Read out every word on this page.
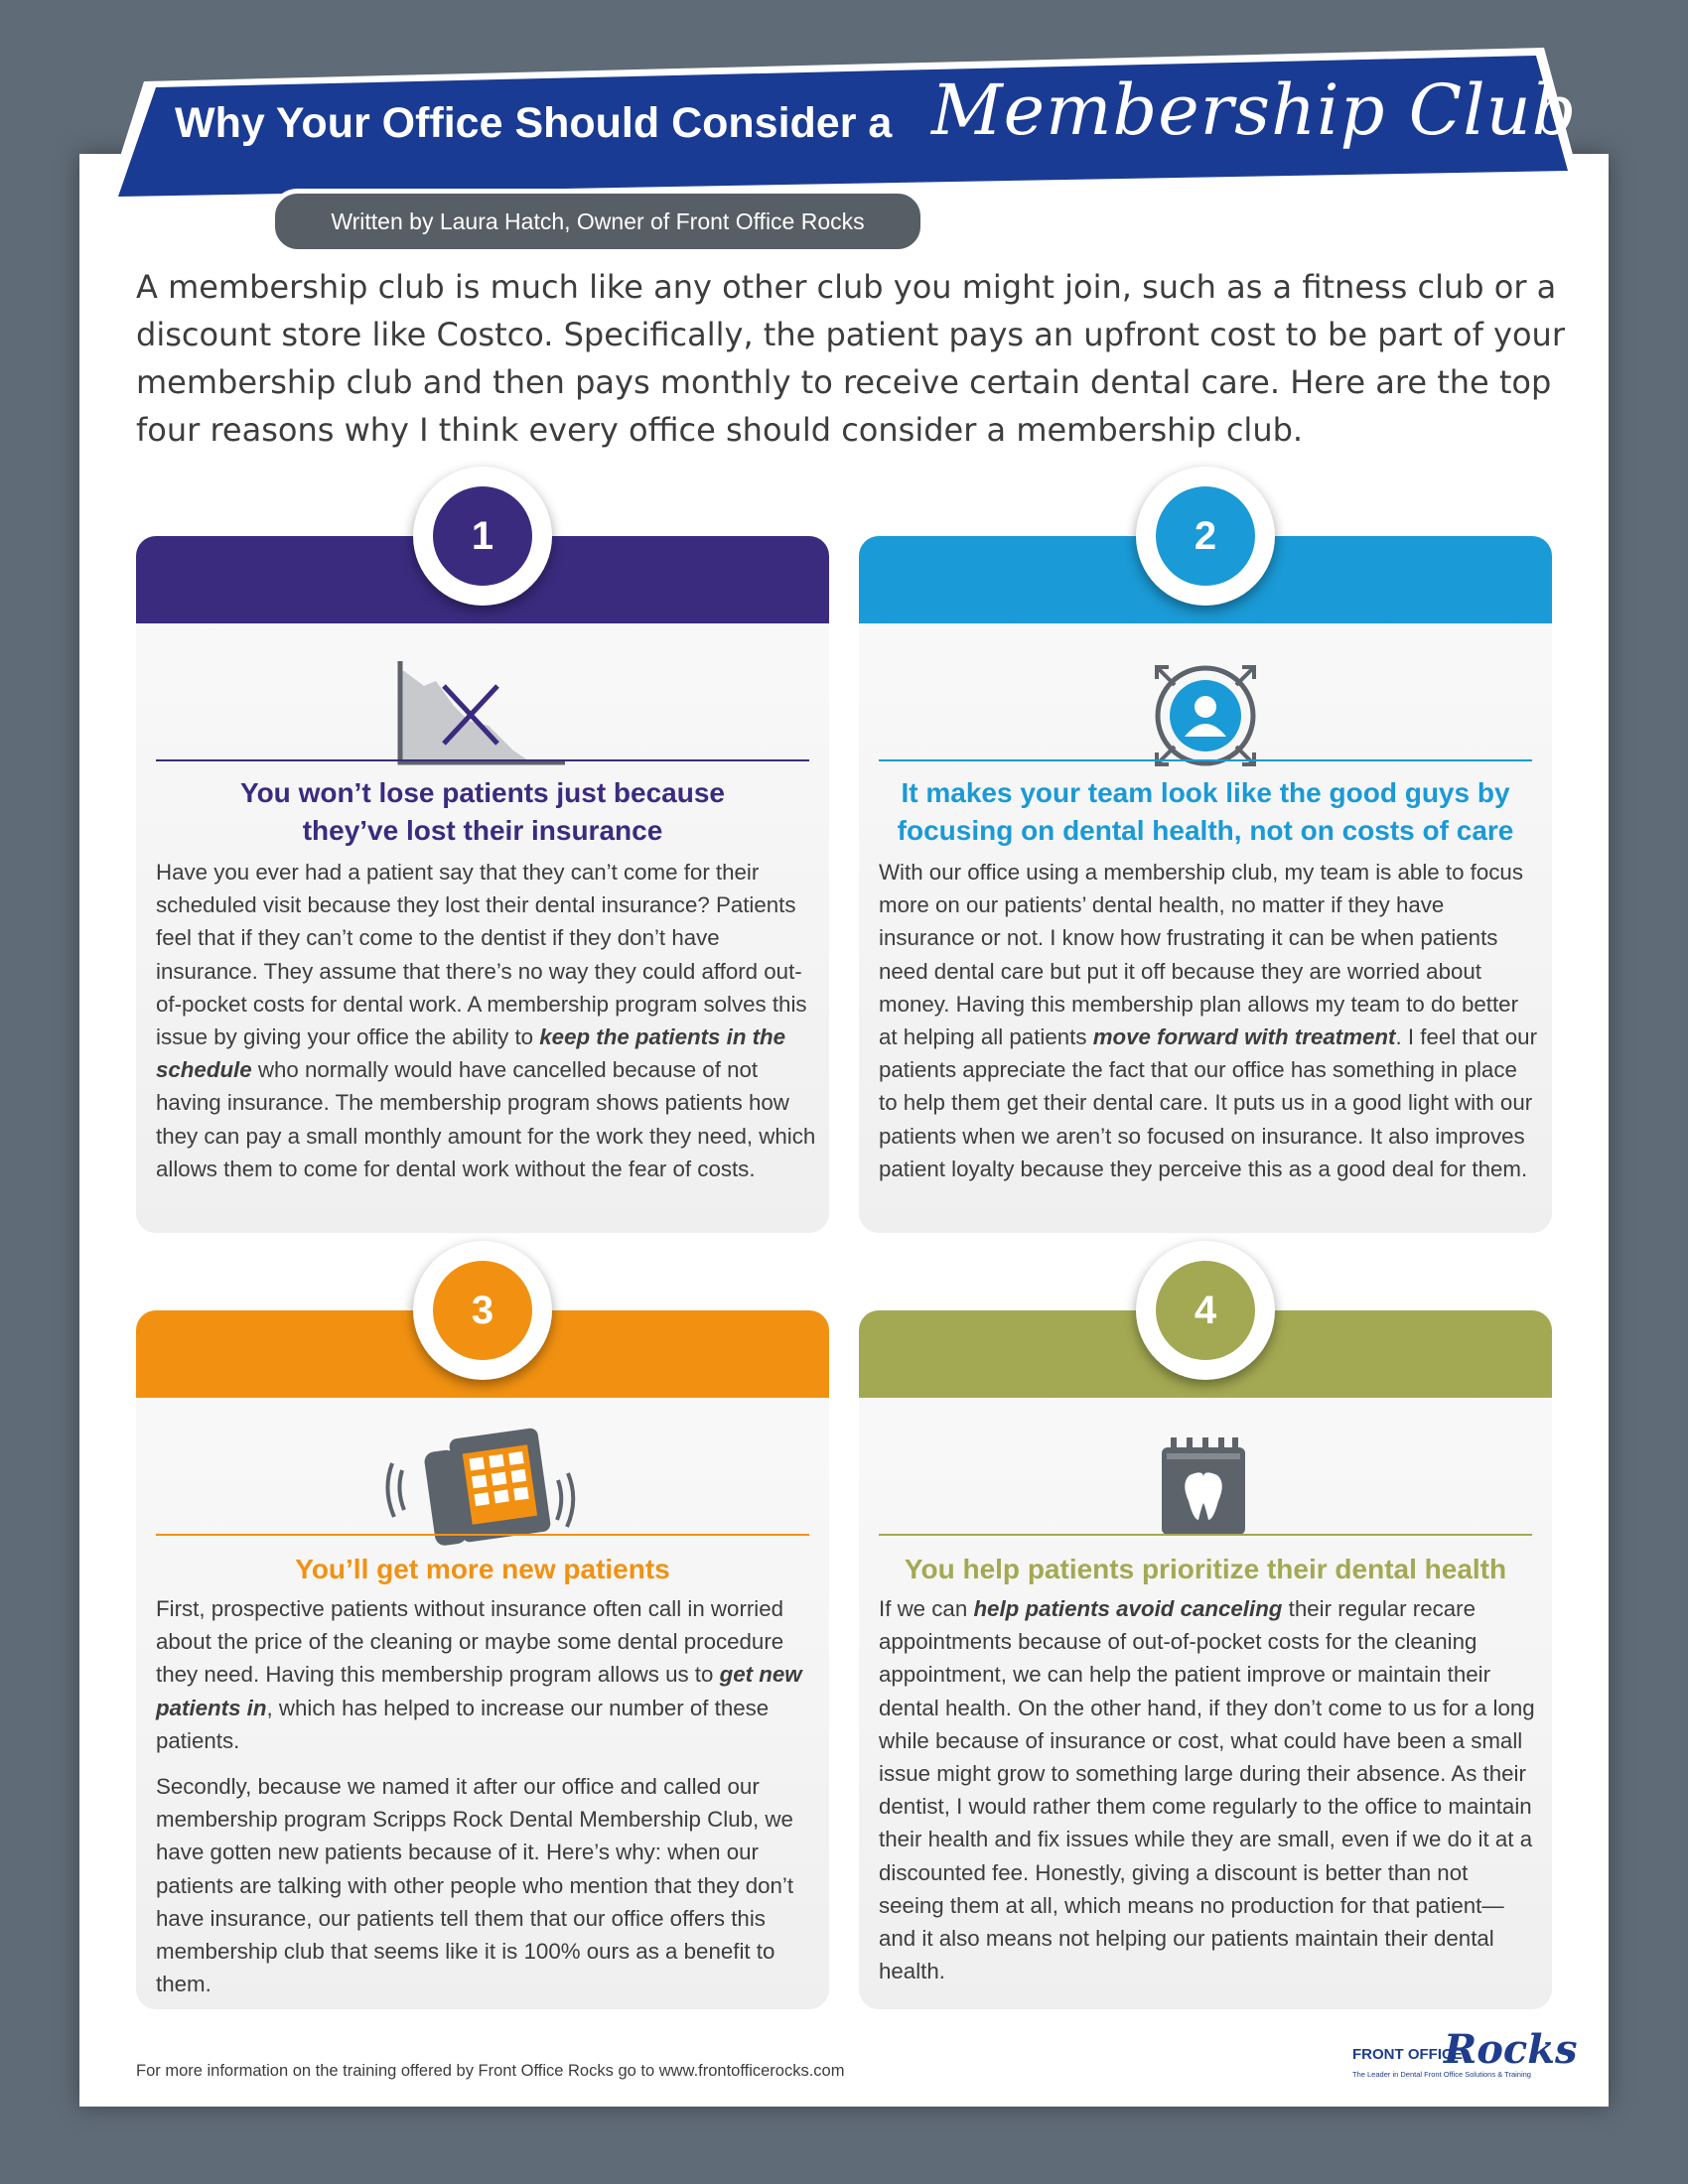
Why Your Office Should Consider a Membership Club
Written by Laura Hatch, Owner of Front Office Rocks
A membership club is much like any other club you might join, such as a fitness club or a discount store like Costco. Specifically, the patient pays an upfront cost to be part of your membership club and then pays monthly to receive certain dental care. Here are the top four reasons why I think every office should consider a membership club.
You won’t lose patients just because they’ve lost their insurance

Have you ever had a patient say that they can’t come for their scheduled visit because they lost their dental insurance? Patients feel that if they can’t come to the dentist if they don’t have insurance. They assume that there’s no way they could afford out-of-pocket costs for dental work. A membership program solves this issue by giving your office the ability to keep the patients in the schedule who normally would have cancelled because of not having insurance. The membership program shows patients how they can pay a small monthly amount for the work they need, which allows them to come for dental work without the fear of costs.

It makes your team look like the good guys by focusing on dental health, not on costs of care

With our office using a membership club, my team is able to focus more on our patients’ dental health, no matter if they have insurance or not. I know how frustrating it can be when patients need dental care but put it off because they are worried about money. Having this membership plan allows my team to do better at helping all patients move forward with treatment. I feel that our patients appreciate the fact that our office has something in place to help them get their dental care. It puts us in a good light with our patients when we aren’t so focused on insurance. It also improves patient loyalty because they perceive this as a good deal for them.

You’ll get more new patients

First, prospective patients without insurance often call in worried about the price of the cleaning or maybe some dental procedure they need. Having this membership program allows us to get new patients in, which has helped to increase our number of these patients.

Secondly, because we named it after our office and called our membership program Scripps Rock Dental Membership Club, we have gotten new patients because of it. Here’s why: when our patients are talking with other people who mention that they don’t have insurance, our patients tell them that our office offers this membership club that seems like it is 100% ours as a benefit to them.

You help patients prioritize their dental health

If we can help patients avoid canceling their regular recare appointments because of out-of-pocket costs for the cleaning appointment, we can help the patient improve or maintain their dental health. On the other hand, if they don’t come to us for a long while because of insurance or cost, what could have been a small issue might grow to something large during their absence. As their dentist, I would rather them come regularly to the office to maintain their health and fix issues while they are small, even if we do it at a discounted fee. Honestly, giving a discount is better than not seeing them at all, which means no production for that patient—and it also means not helping our patients maintain their dental health.

1	2
3	4
For more information on the training offered by Front Office Rocks go to www.frontofficerocks.com
FRONT OFFICE
Rocks
The Leader in Dental Front Office Solutions & Training
